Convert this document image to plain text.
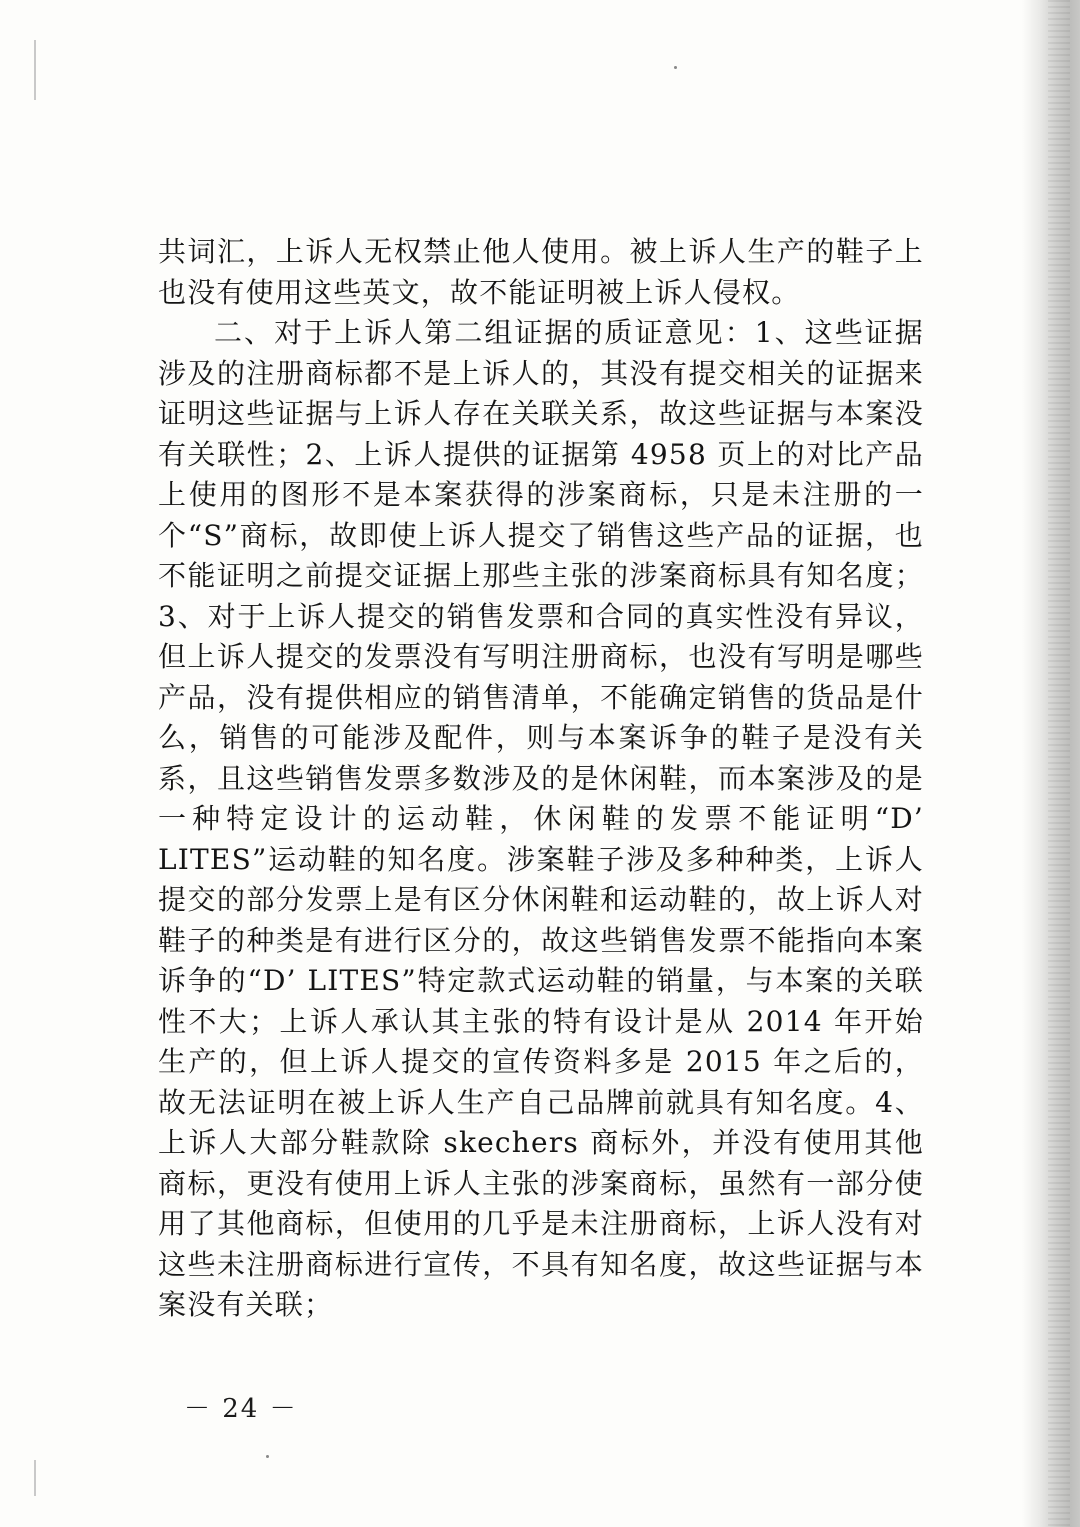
共词汇，上诉人无权禁止他人使用。被上诉人生产的鞋子上也没有使用这些英文，故不能证明被上诉人侵权。

二、对于上诉人第二组证据的质证意见：1、这些证据涉及的注册商标都不是上诉人的，其没有提交相关的证据来证明这些证据与上诉人存在关联关系，故这些证据与本案没有关联性；2、上诉人提供的证据第 4958 页上的对比产品上使用的图形不是本案获得的涉案商标，只是未注册的一个“S”商标，故即使上诉人提交了销售这些产品的证据，也不能证明之前提交证据上那些主张的涉案商标具有知名度；3、对于上诉人提交的销售发票和合同的真实性没有异议，但上诉人提交的发票没有写明注册商标，也没有写明是哪些产品，没有提供相应的销售清单，不能确定销售的货品是什么，销售的可能涉及配件，则与本案诉争的鞋子是没有关系，且这些销售发票多数涉及的是休闲鞋，而本案涉及的是一种特定设计的运动鞋，休闲鞋的发票不能证明“D’ LITES”运动鞋的知名度。涉案鞋子涉及多种种类，上诉人提交的部分发票上是有区分休闲鞋和运动鞋的，故上诉人对鞋子的种类是有进行区分的，故这些销售发票不能指向本案诉争的“D’ LITES”特定款式运动鞋的销量，与本案的关联性不大；上诉人承认其主张的特有设计是从 2014 年开始生产的，但上诉人提交的宣传资料多是 2015 年之后的，故无法证明在被上诉人生产自己品牌前就具有知名度。4、上诉人大部分鞋款除 skechers 商标外，并没有使用其他商标，更没有使用上诉人主张的涉案商标，虽然有一部分使用了其他商标，但使用的几乎是未注册商标，上诉人没有对这些未注册商标进行宣传，不具有知名度，故这些证据与本案没有关联；

－ 24 －
